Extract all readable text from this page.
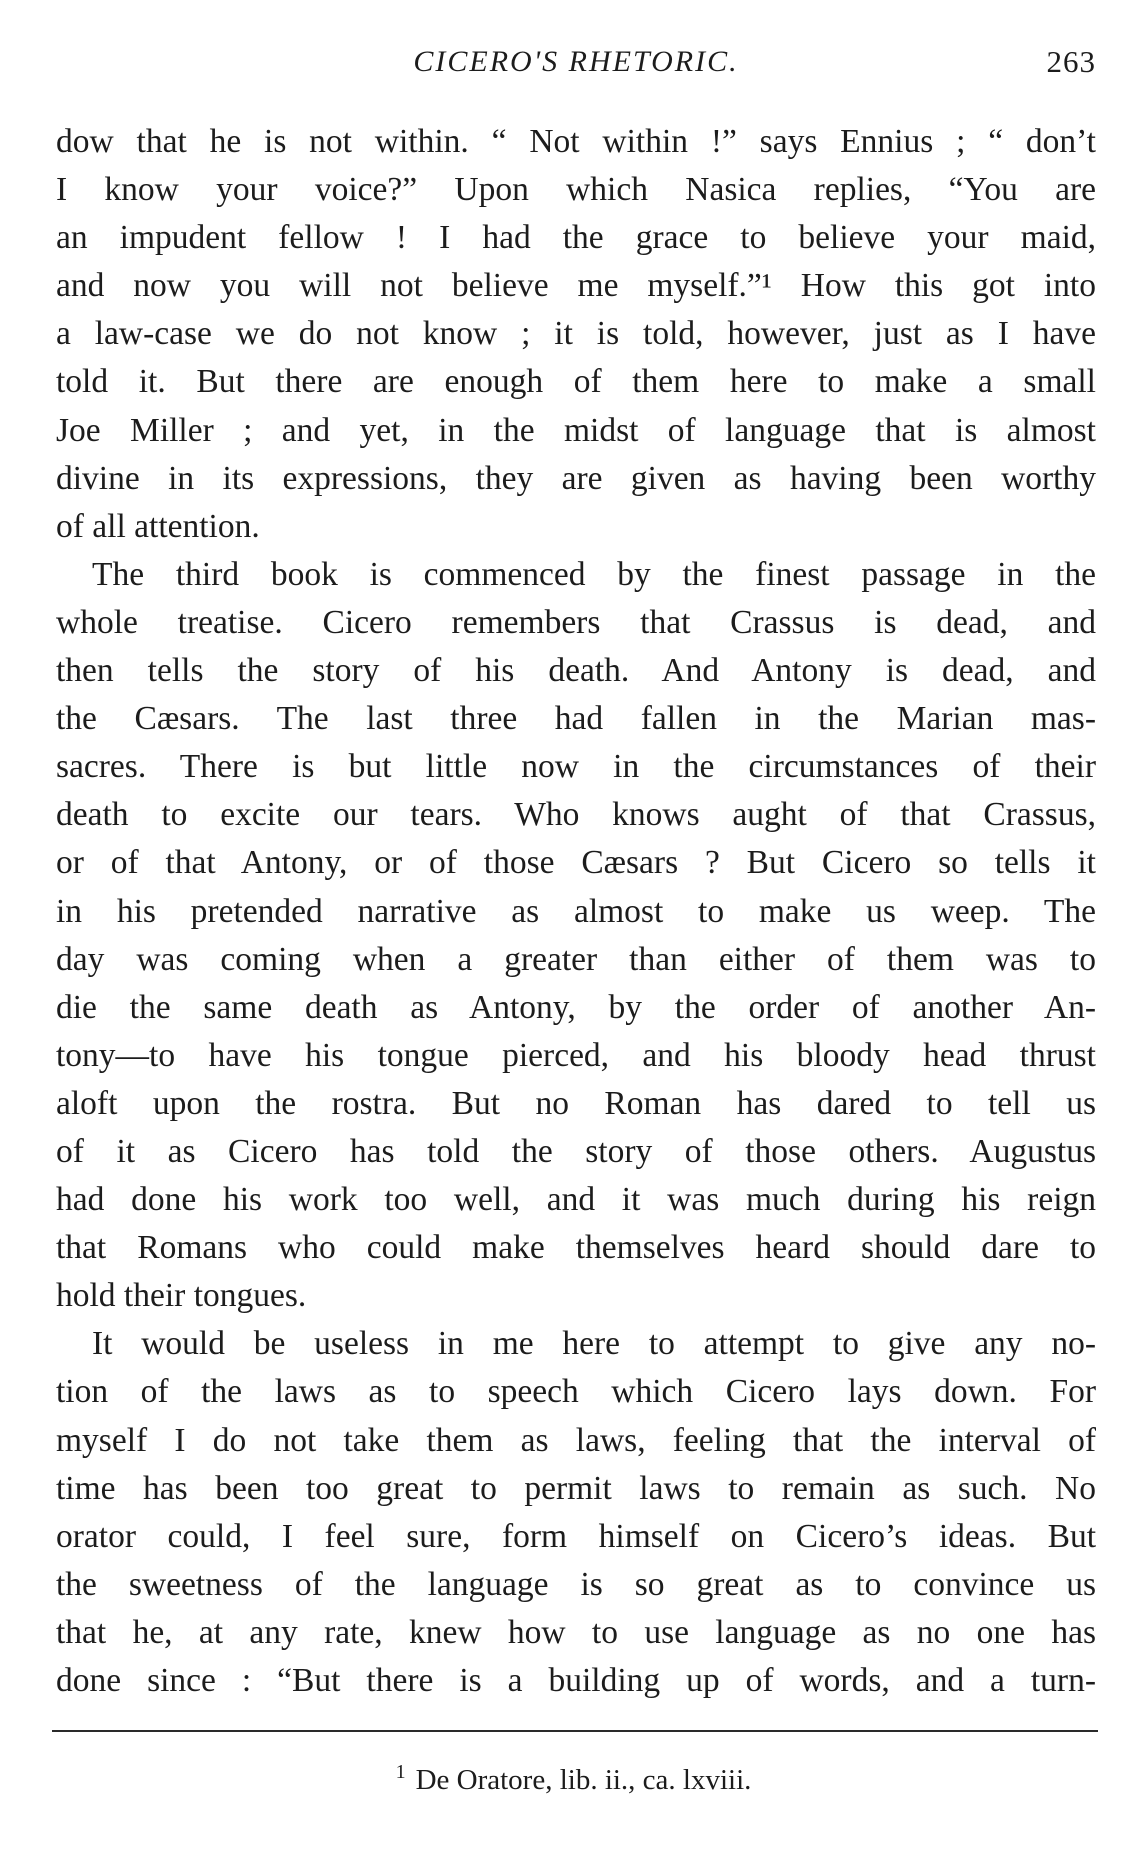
CICERO'S RHETORIC.	263
dow that he is not within. “ Not within !” says Ennius ; “ don’t
I know your voice?” Upon which Nasica replies, “You are
an impudent fellow ! I had the grace to believe your maid,
and now you will not believe me myself.”¹ How this got into
a law-case we do not know ; it is told, however, just as I have
told it. But there are enough of them here to make a small
Joe Miller ; and yet, in the midst of language that is almost
divine in its expressions, they are given as having been worthy
of all attention.
The third book is commenced by the finest passage in the
whole treatise. Cicero remembers that Crassus is dead, and
then tells the story of his death. And Antony is dead, and
the Cæsars. The last three had fallen in the Marian mas-
sacres. There is but little now in the circumstances of their
death to excite our tears. Who knows aught of that Crassus,
or of that Antony, or of those Cæsars ? But Cicero so tells it
in his pretended narrative as almost to make us weep. The
day was coming when a greater than either of them was to
die the same death as Antony, by the order of another An-
tony—to have his tongue pierced, and his bloody head thrust
aloft upon the rostra. But no Roman has dared to tell us
of it as Cicero has told the story of those others. Augustus
had done his work too well, and it was much during his reign
that Romans who could make themselves heard should dare to
hold their tongues.
It would be useless in me here to attempt to give any no-
tion of the laws as to speech which Cicero lays down. For
myself I do not take them as laws, feeling that the interval of
time has been too great to permit laws to remain as such. No
orator could, I feel sure, form himself on Cicero’s ideas. But
the sweetness of the language is so great as to convince us
that he, at any rate, knew how to use language as no one has
done since : “But there is a building up of words, and a turn-
$^1$ De Oratore, lib. ii., ca. lxviii.
